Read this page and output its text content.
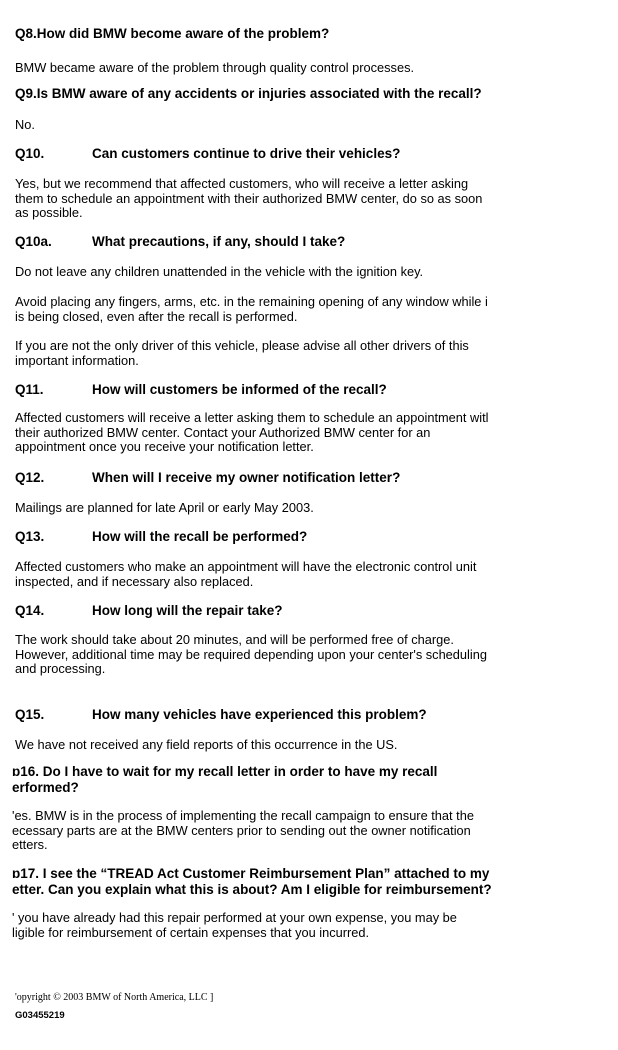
Q8.How did BMW become aware of the problem?
BMW became aware of the problem through quality control processes.
Q9.Is BMW aware of any accidents or injuries associated with the recall?
No.
Q10.	Can customers continue to drive their vehicles?
Yes, but we recommend that affected customers, who will receive a letter asking
them to schedule an appointment with their authorized BMW center, do so as soon
as possible.
Q10a.	What precautions, if any, should I take?
Do not leave any children unattended in the vehicle with the ignition key.
Avoid placing any fingers, arms, etc. in the remaining opening of any window while i
is being closed, even after the recall is performed.
If you are not the only driver of this vehicle, please advise all other drivers of this
important information.
Q11.	How will customers be informed of the recall?
Affected customers will receive a letter asking them to schedule an appointment witl
their authorized BMW center. Contact your Authorized BMW center for an
appointment once you receive your notification letter.
Q12.	When will I receive my owner notification letter?
Mailings are planned for late April or early May 2003.
Q13.	How will the recall be performed?
Affected customers who make an appointment will have the electronic control unit
inspected, and if necessary also replaced.
Q14.	How long will the repair take?
The work should take about 20 minutes, and will be performed free of charge.
However, additional time may be required depending upon your center's scheduling
and processing.
Q15.	How many vehicles have experienced this problem?
We have not received any field reports of this occurrence in the US.
ɒ16. Do I have to wait for my recall letter in order to have my recall
erformed?
'es. BMW is in the process of implementing the recall campaign to ensure that the
ecessary parts are at the BMW centers prior to sending out the owner notification
etters.
ɒ17. I see the “TREAD Act Customer Reimbursement Plan” attached to my
etter. Can you explain what this is about? Am I eligible for reimbursement?
' you have already had this repair performed at your own expense, you may be
ligible for reimbursement of certain expenses that you incurred.
'opyright © 2003 BMW of North America, LLC ]
G03455219
